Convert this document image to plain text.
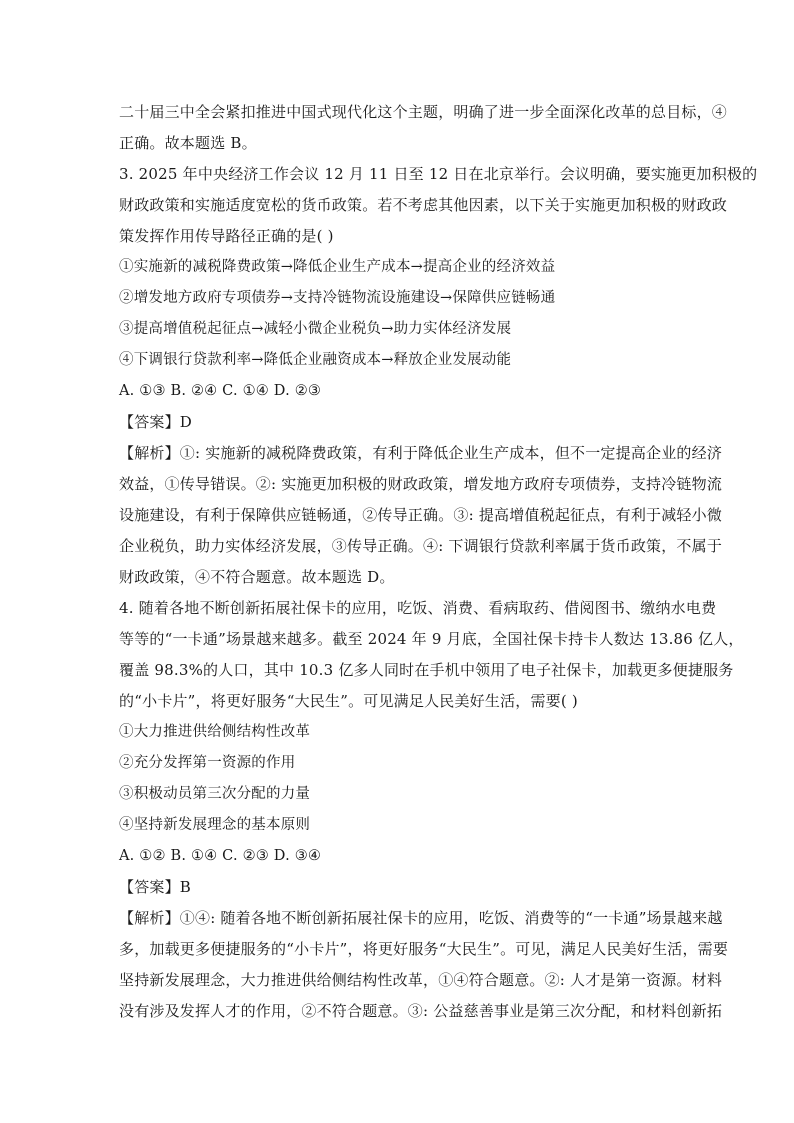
二十届三中全会紧扣推进中国式现代化这个主题，明确了进一步全面深化改革的总目标，④
正确。故本题选 B。
3. 2025 年中央经济工作会议 12 月 11 日至 12 日在北京举行。会议明确，要实施更加积极的
财政政策和实施适度宽松的货币政策。若不考虑其他因素，以下关于实施更加积极的财政政
策发挥作用传导路径正确的是( )
①实施新的减税降费政策→降低企业生产成本→提高企业的经济效益
②增发地方政府专项债券→支持冷链物流设施建设→保障供应链畅通
③提高增值税起征点→减轻小微企业税负→助力实体经济发展
④下调银行贷款利率→降低企业融资成本→释放企业发展动能
A. ①③ B. ②④ C. ①④ D. ②③
【答案】D
【解析】①: 实施新的减税降费政策，有利于降低企业生产成本，但不一定提高企业的经济
效益，①传导错误。②: 实施更加积极的财政政策，增发地方政府专项债券，支持冷链物流
设施建设，有利于保障供应链畅通，②传导正确。③: 提高增值税起征点，有利于减轻小微
企业税负，助力实体经济发展，③传导正确。④: 下调银行贷款利率属于货币政策，不属于
财政政策，④不符合题意。故本题选 D。
4. 随着各地不断创新拓展社保卡的应用，吃饭、消费、看病取药、借阅图书、缴纳水电费
等等的“一卡通”场景越来越多。截至 2024 年 9 月底，全国社保卡持卡人数达 13.86 亿人，
覆盖 98.3%的人口，其中 10.3 亿多人同时在手机中领用了电子社保卡，加载更多便捷服务
的“小卡片”，将更好服务“大民生”。可见满足人民美好生活，需要( )
①大力推进供给侧结构性改革
②充分发挥第一资源的作用
③积极动员第三次分配的力量
④坚持新发展理念的基本原则
A. ①② B. ①④ C. ②③ D. ③④
【答案】B
【解析】①④: 随着各地不断创新拓展社保卡的应用，吃饭、消费等的“一卡通”场景越来越
多，加载更多便捷服务的“小卡片”，将更好服务“大民生”。可见，满足人民美好生活，需要
坚持新发展理念，大力推进供给侧结构性改革，①④符合题意。②: 人才是第一资源。材料
没有涉及发挥人才的作用，②不符合题意。③: 公益慈善事业是第三次分配，和材料创新拓
